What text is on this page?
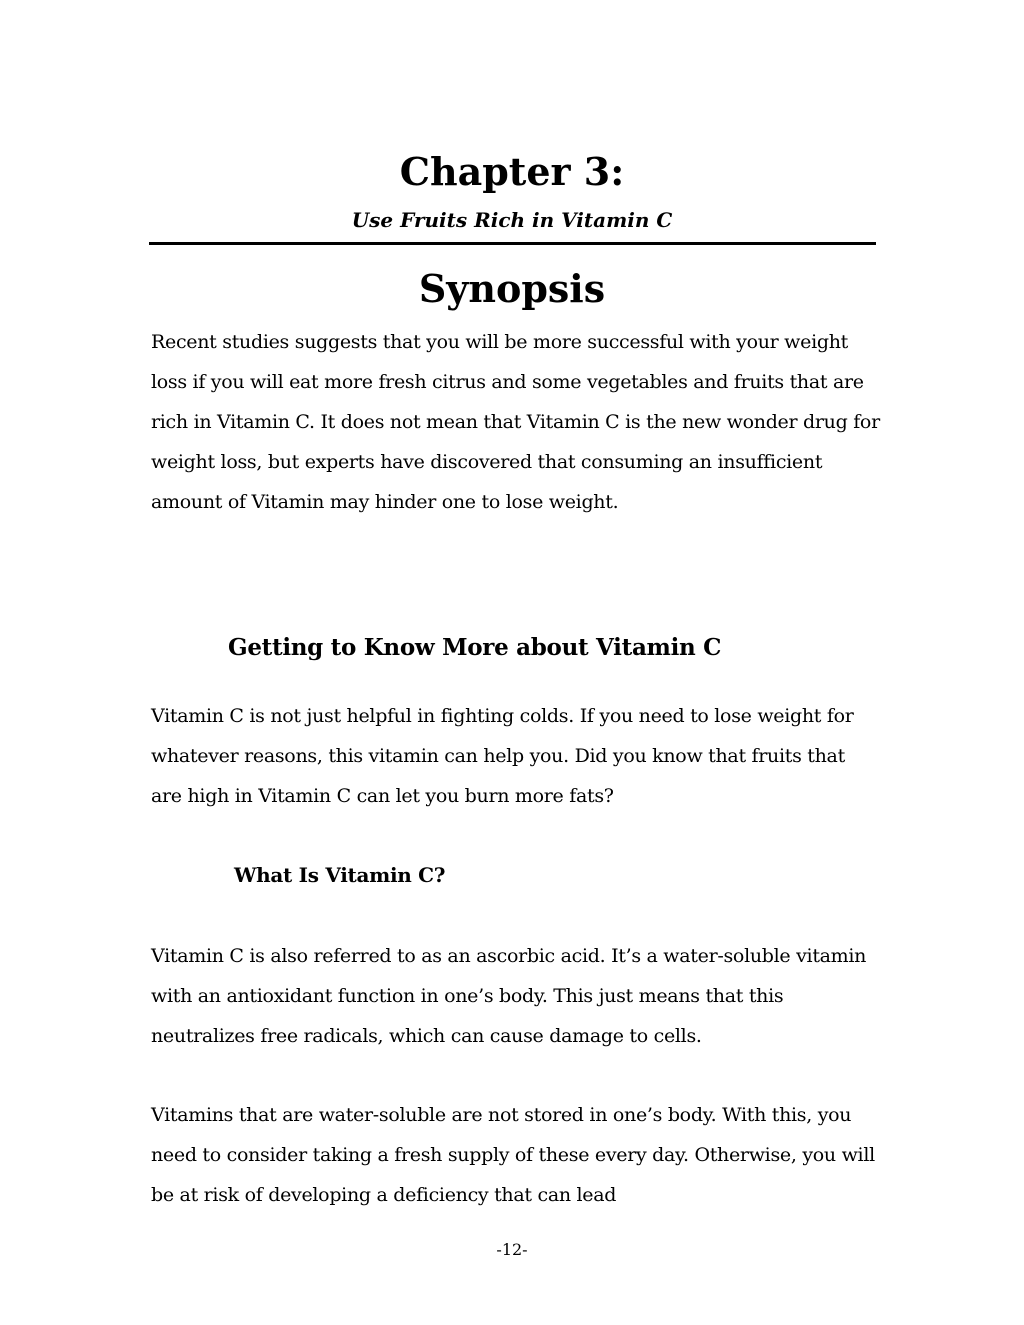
Chapter 3:
Use Fruits Rich in Vitamin C
Synopsis

Recent studies suggests that you will be more successful with your weight loss if you will eat more fresh citrus and some vegetables and fruits that are rich in Vitamin C. It does not mean that Vitamin C is the new wonder drug for weight loss, but experts have discovered that consuming an insufficient amount of Vitamin may hinder one to lose weight.

Getting to Know More about Vitamin C

Vitamin C is not just helpful in fighting colds. If you need to lose weight for whatever reasons, this vitamin can help you. Did you know that fruits that are high in Vitamin C can let you burn more fats?

What Is Vitamin C?

Vitamin C is also referred to as an ascorbic acid. It’s a water-soluble vitamin with an antioxidant function in one’s body. This just means that this neutralizes free radicals, which can cause damage to cells.

Vitamins that are water-soluble are not stored in one’s body. With this, you need to consider taking a fresh supply of these every day. Otherwise, you will be at risk of developing a deficiency that can lead

-12-
